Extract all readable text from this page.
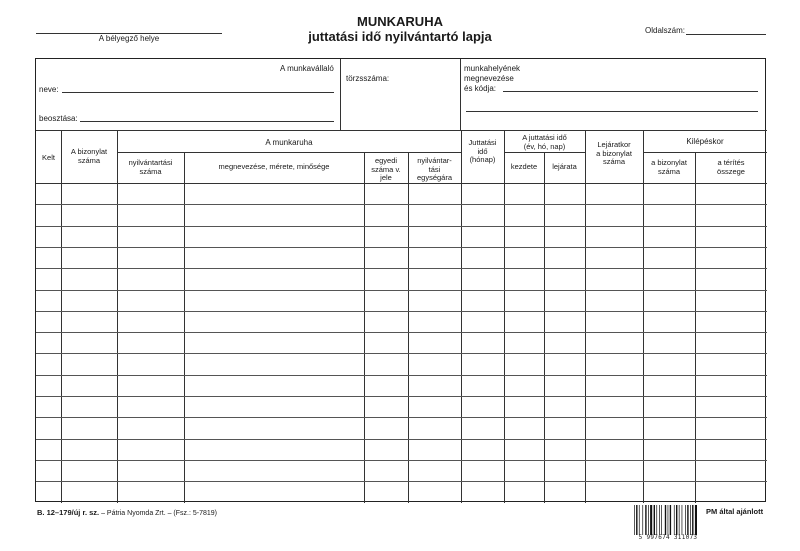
MUNKARUHA
juttatási idő nyilvántartó lapja
A bélyegző helye
Oldalszám:
A munkavállaló
neve:
beosztása:
törzsszáma:
munkahelyének
megnevezése
és kódja:
Kelt
A bizonylat
száma
A munkaruha
nyilvántartási
száma	megnevezése, mérete, minősége
egyedi
száma v.
jele
nyilvántar-
tási
egységára
Juttatási
idő
(hónap)
A juttatási idő
(év, hó, nap)
kezdete	lejárata
Lejáratkor
a bizonylat
száma
Kilépéskor
a bizonylat
száma
a térítés
összege
B. 12–179/új r. sz. – Pátria Nyomda Zrt. – (Fsz.: 5-7819)
5 997674 311073
PM által ajánlott
